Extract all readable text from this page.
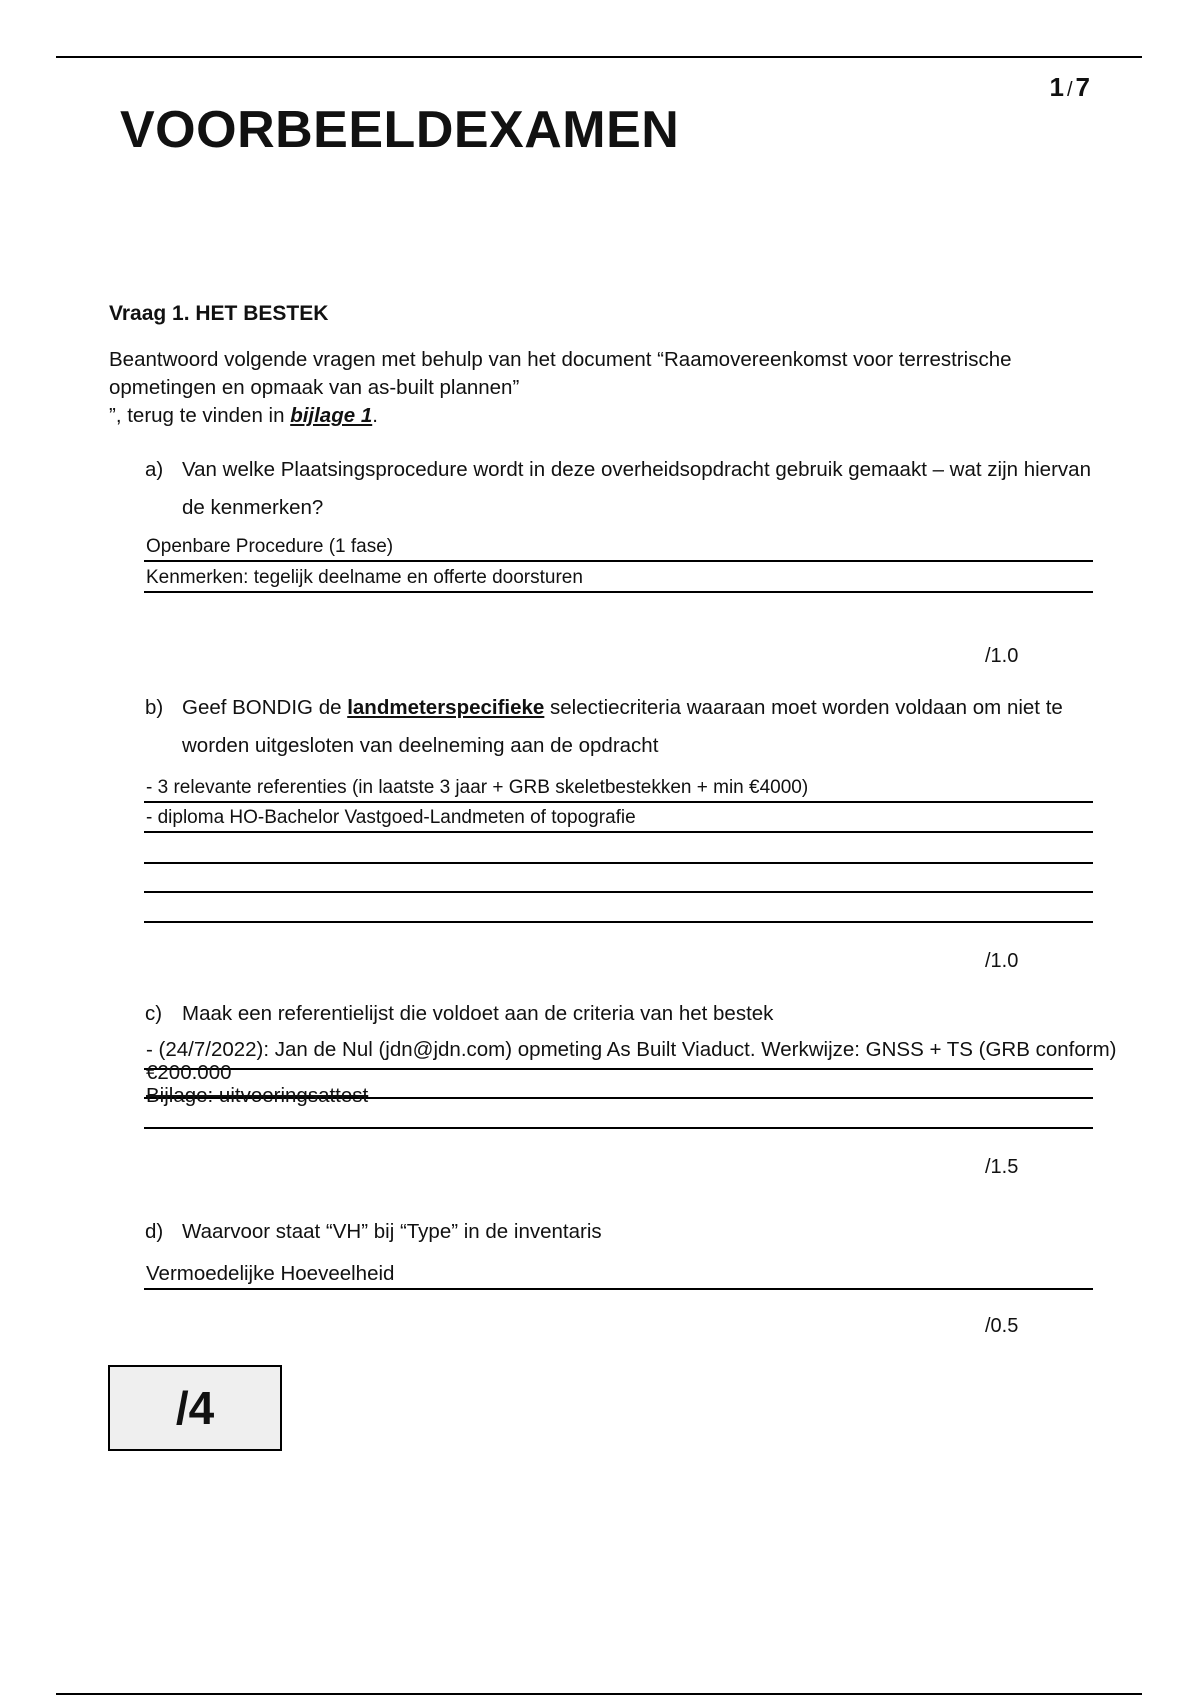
1 / 7
VOORBEELDEXAMEN
Vraag 1. HET BESTEK
Beantwoord volgende vragen met behulp van het document “Raamovereenkomst voor terrestrische opmetingen en opmaak van as-built plannen”
”, terug te vinden in bijlage 1.
a) Van welke Plaatsingsprocedure wordt in deze overheidsopdracht gebruik gemaakt – wat zijn hiervan de kenmerken?
Openbare Procedure (1 fase)
Kenmerken: tegelijk deelname en offerte doorsturen
/1.0
b) Geef BONDIG de landmeterspecifieke selectiecriteria waaraan moet worden voldaan om niet te worden uitgesloten van deelneming aan de opdracht
- 3 relevante referenties (in laatste 3 jaar + GRB skeletbestekken + min €4000)
- diploma HO-Bachelor Vastgoed-Landmeten of topografie
/1.0
c) Maak een referentielijst die voldoet aan de criteria van het bestek
- (24/7/2022): Jan de Nul (jdn@jdn.com) opmeting As Built Viaduct. Werkwijze: GNSS + TS (GRB conform)
€200.000
Bijlage: uitvoeringsattest
/1.5
d) Waarvoor staat “VH” bij “Type” in de inventaris
Vermoedelijke Hoeveelheid
/0.5
/4
